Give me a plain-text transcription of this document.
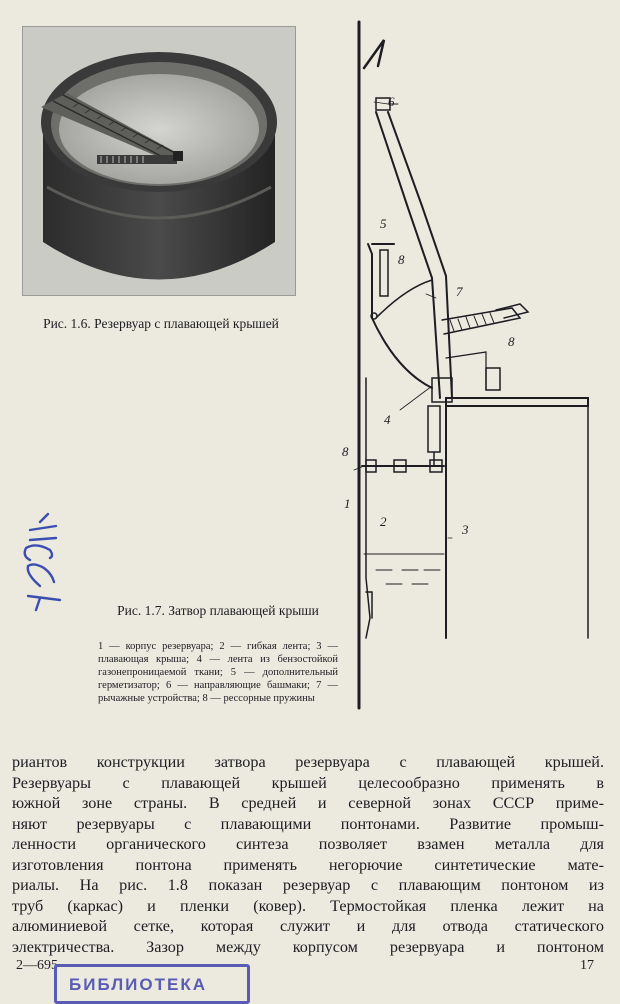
Рис. 1.6. Резервуар с плавающей крышей
6
5
8
7
8
4
8
1
2
3
Рис. 1.7. Затвор плавающей крыши
1 — корпус резервуара; 2 — гибкая лента; 3 — плавающая крыша; 4 — лента из бензостойкой газонепроницаемой ткани; 5 — дополнительный герметизатор; 6 — направляющие башмаки; 7 — рычажные устройства; 8 — рессорные пружины
1/165
риантов конструкции затвора резервуара с плавающей крышей.
Резервуары с плавающей крышей целесообразно применять в
южной зоне страны. В средней и северной зонах СССР приме-
няют резервуары с плавающими понтонами. Развитие промыш-
ленности органического синтеза позволяет взамен металла для
изготовления понтона применять негорючие синтетические мате-
риалы. На рис. 1.8 показан резервуар с плавающим понтоном из
труб (каркас) и пленки (ковер). Термостойкая пленка лежит на
алюминиевой сетке, которая служит и для отвода статического
электричества. Зазор между корпусом резервуара и понтоном
2—695	17
БИБЛИОТЕКА
